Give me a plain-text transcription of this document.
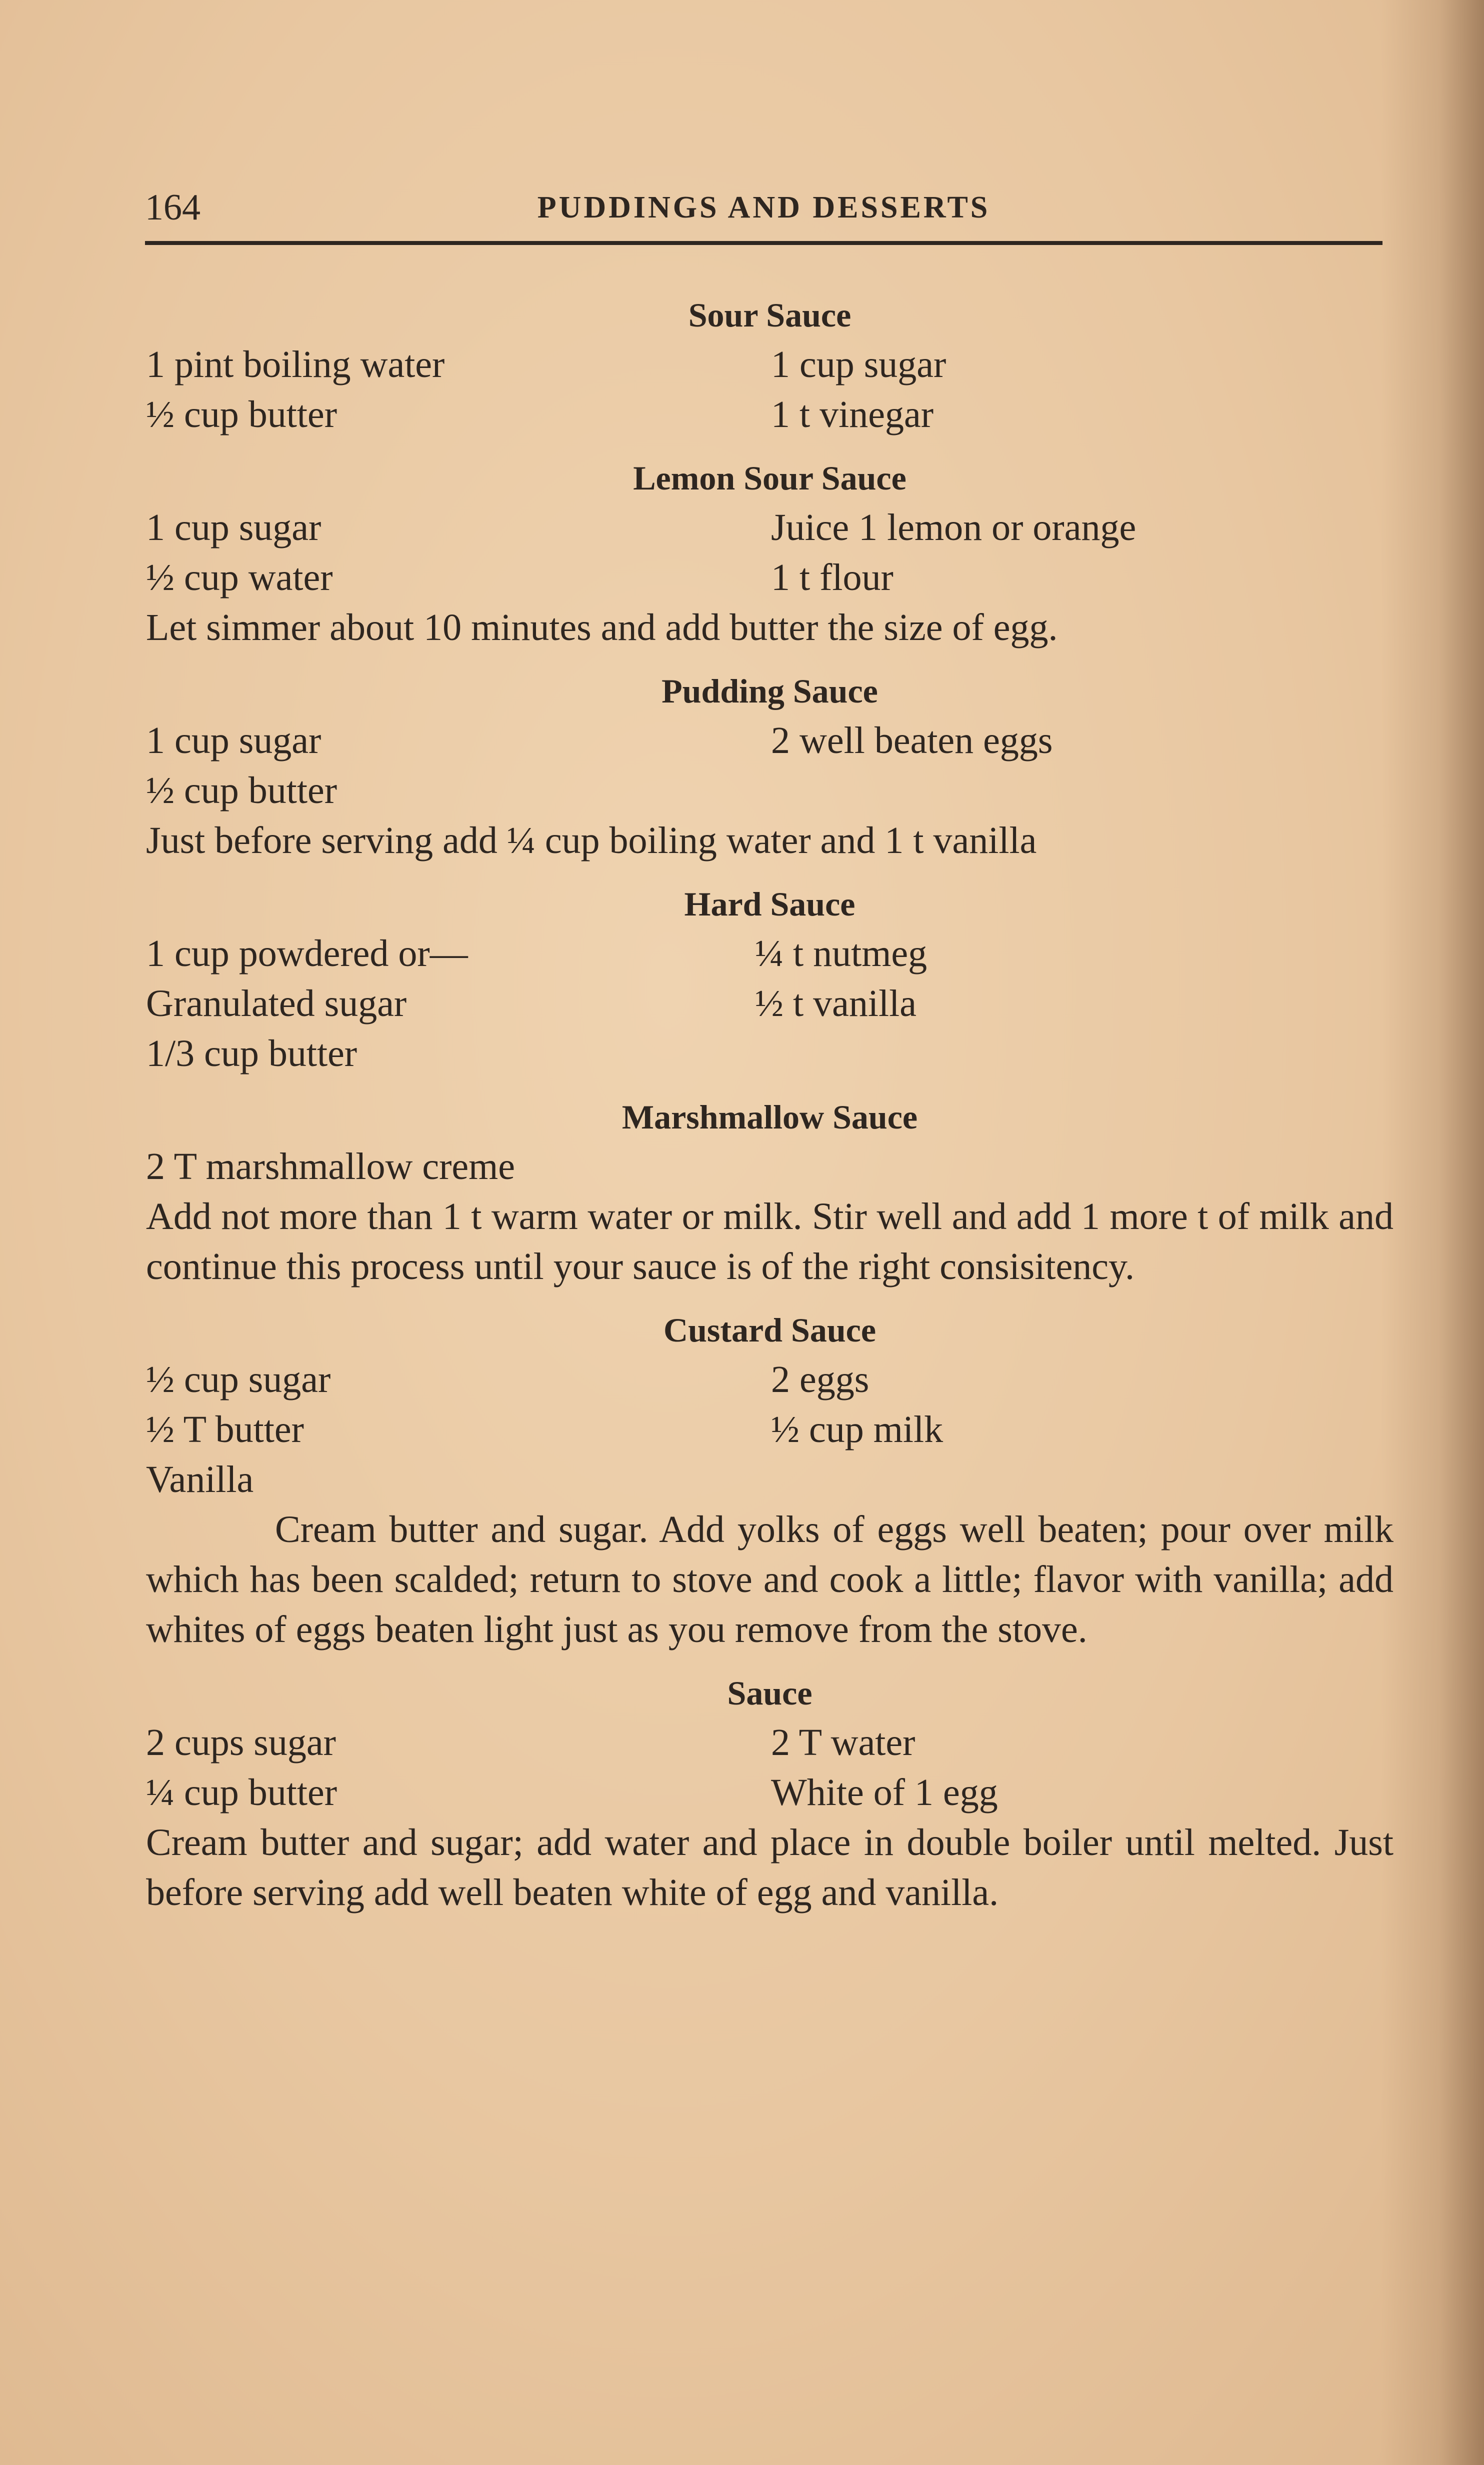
164	PUDDINGS AND DESSERTS
Sour Sauce
1 pint boiling water	1 cup sugar
½ cup butter	1 t vinegar
Lemon Sour Sauce
1 cup sugar	Juice 1 lemon or orange
½ cup water	1 t flour

Let simmer about 10 minutes and add butter the size of egg.

Pudding Sauce
1 cup sugar	2 well beaten eggs
½ cup butter

Just before serving add ¼ cup boiling water and 1 t vanilla

Hard Sauce
1 cup powdered or—	¼ t nutmeg
Granulated sugar	½ t vanilla
1/3 cup butter
Marshmallow Sauce
2 T marshmallow creme

Add not more than 1 t warm water or milk. Stir well and add 1 more t of milk and continue this process until your sauce is of the right consisitency.

Custard Sauce
½ cup sugar	2 eggs
½ T butter	½ cup milk
Vanilla

Cream butter and sugar. Add yolks of eggs well beaten; pour over milk which has been scalded; return to stove and cook a little; flavor with vanilla; add whites of eggs beaten light just as you remove from the stove.

Sauce
2 cups sugar	2 T water
¼ cup butter	White of 1 egg

Cream butter and sugar; add water and place in double boiler until melted. Just before serving add well beaten white of egg and vanilla.
